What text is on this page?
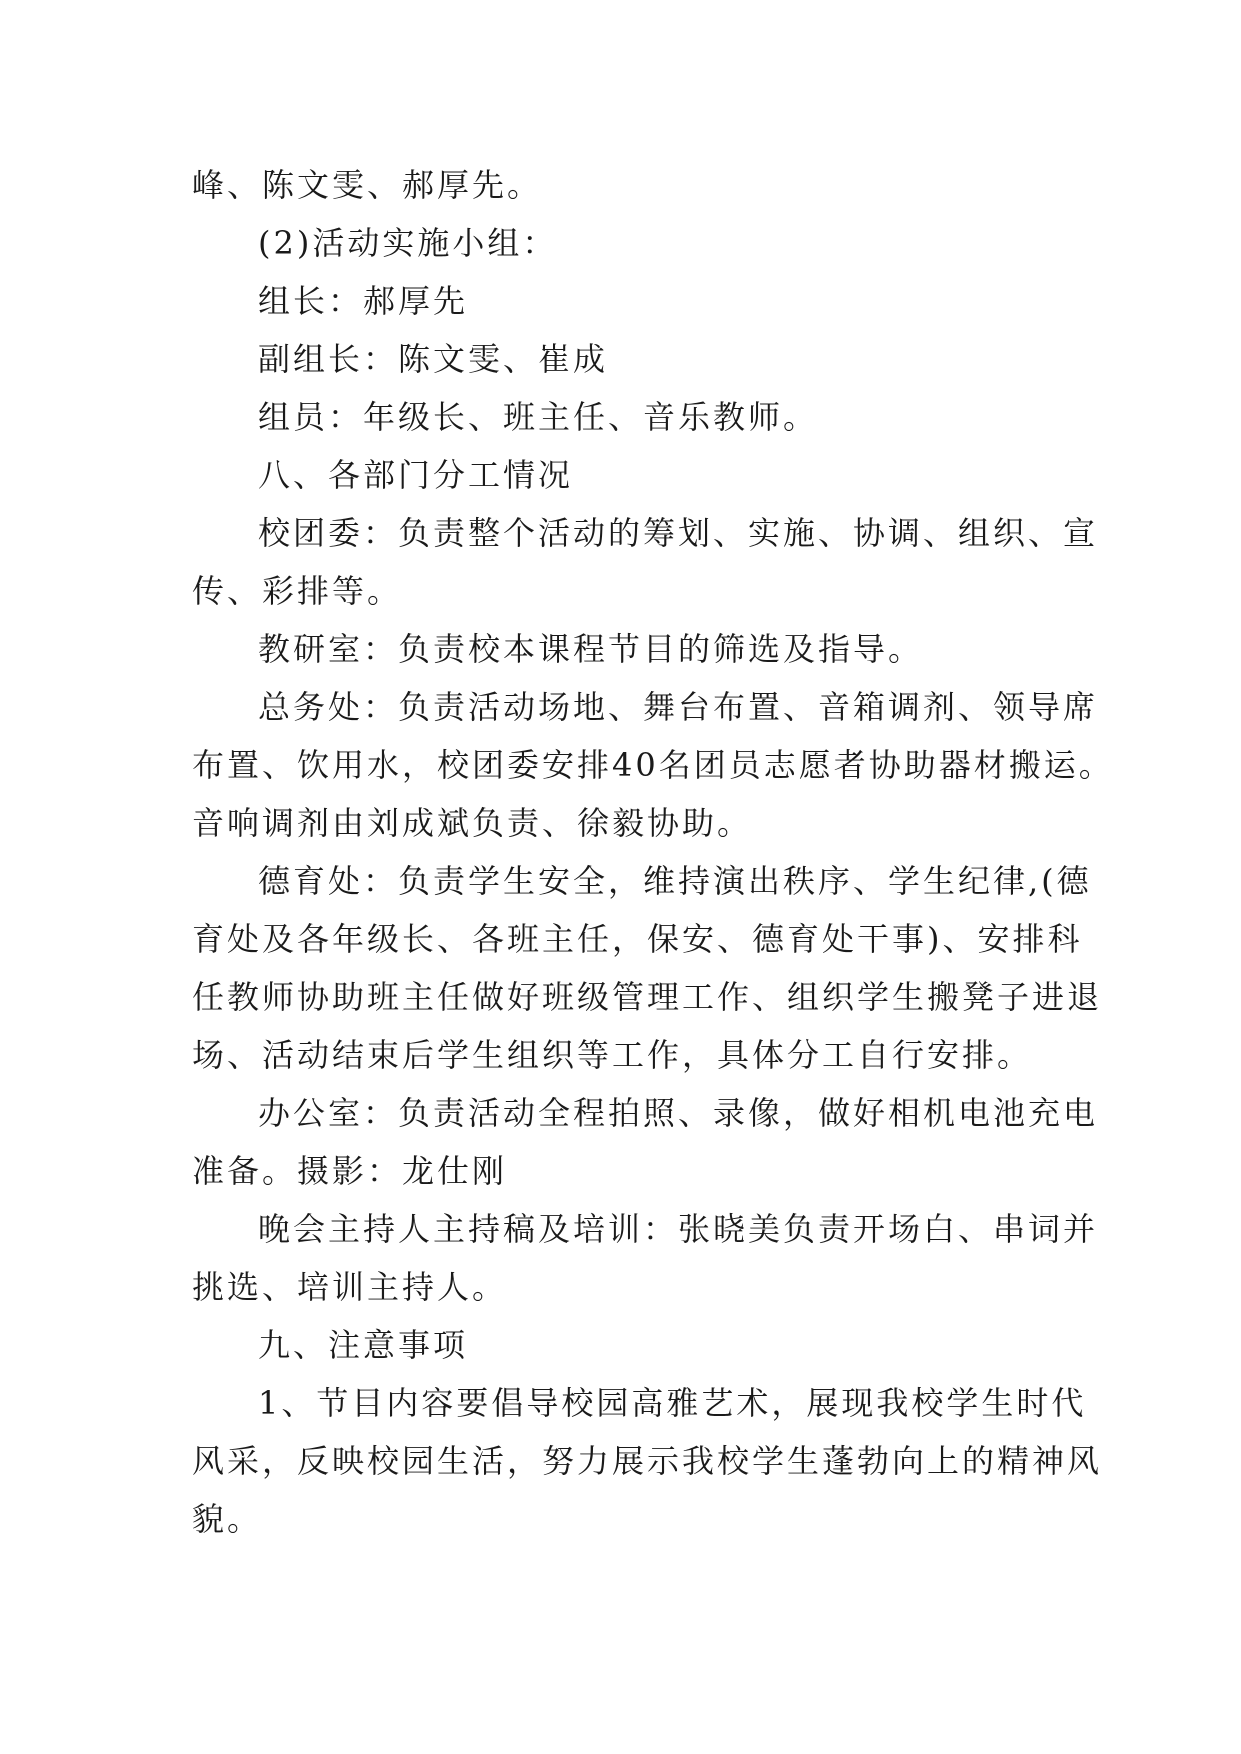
峰、陈文雯、郝厚先。
(2)活动实施小组：
组长：郝厚先
副组长：陈文雯、崔成
组员：年级长、班主任、音乐教师。
八、各部门分工情况
校团委：负责整个活动的筹划、实施、协调、组织、宣
传、彩排等。
教研室：负责校本课程节目的筛选及指导。
总务处：负责活动场地、舞台布置、音箱调剂、领导席
布置、饮用水，校团委安排40名团员志愿者协助器材搬运。
音响调剂由刘成斌负责、徐毅协助。
德育处：负责学生安全，维持演出秩序、学生纪律,(德
育处及各年级长、各班主任，保安、德育处干事)、安排科
任教师协助班主任做好班级管理工作、组织学生搬凳子进退
场、活动结束后学生组织等工作，具体分工自行安排。
办公室：负责活动全程拍照、录像，做好相机电池充电
准备。摄影：龙仕刚
晚会主持人主持稿及培训：张晓美负责开场白、串词并
挑选、培训主持人。
九、注意事项
1、节目内容要倡导校园高雅艺术，展现我校学生时代
风采，反映校园生活，努力展示我校学生蓬勃向上的精神风
貌。
